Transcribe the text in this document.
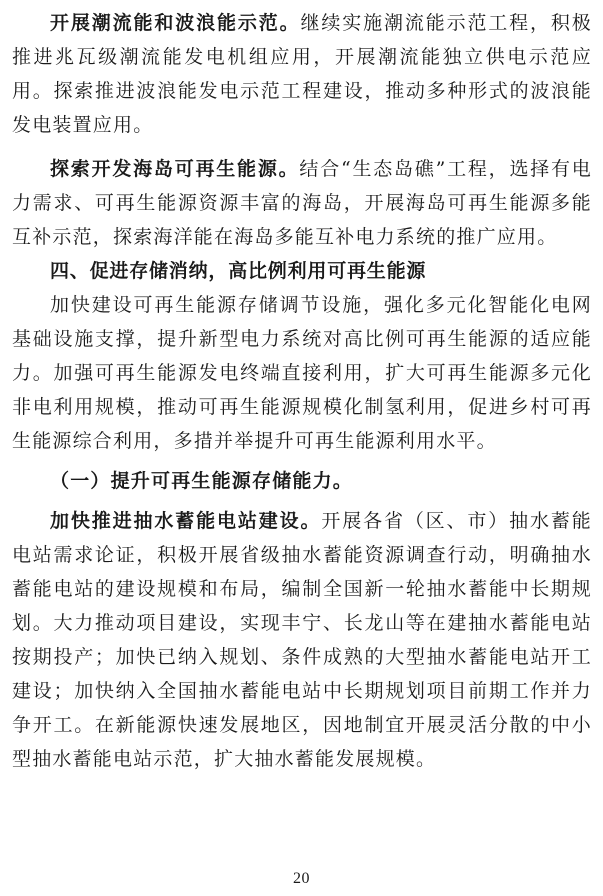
开展潮流能和波浪能示范。继续实施潮流能示范工程，积极推进兆瓦级潮流能发电机组应用，开展潮流能独立供电示范应用。探索推进波浪能发电示范工程建设，推动多种形式的波浪能发电装置应用。

探索开发海岛可再生能源。结合“生态岛礁”工程，选择有电力需求、可再生能源资源丰富的海岛，开展海岛可再生能源多能互补示范，探索海洋能在海岛多能互补电力系统的推广应用。

四、促进存储消纳，高比例利用可再生能源

加快建设可再生能源存储调节设施，强化多元化智能化电网基础设施支撑，提升新型电力系统对高比例可再生能源的适应能力。加强可再生能源发电终端直接利用，扩大可再生能源多元化非电利用规模，推动可再生能源规模化制氢利用，促进乡村可再生能源综合利用，多措并举提升可再生能源利用水平。

（一）提升可再生能源存储能力。

加快推进抽水蓄能电站建设。开展各省（区、市）抽水蓄能电站需求论证，积极开展省级抽水蓄能资源调查行动，明确抽水蓄能电站的建设规模和布局，编制全国新一轮抽水蓄能中长期规划。大力推动项目建设，实现丰宁、长龙山等在建抽水蓄能电站按期投产；加快已纳入规划、条件成熟的大型抽水蓄能电站开工建设；加快纳入全国抽水蓄能电站中长期规划项目前期工作并力争开工。在新能源快速发展地区，因地制宜开展灵活分散的中小型抽水蓄能电站示范，扩大抽水蓄能发展规模。

20
